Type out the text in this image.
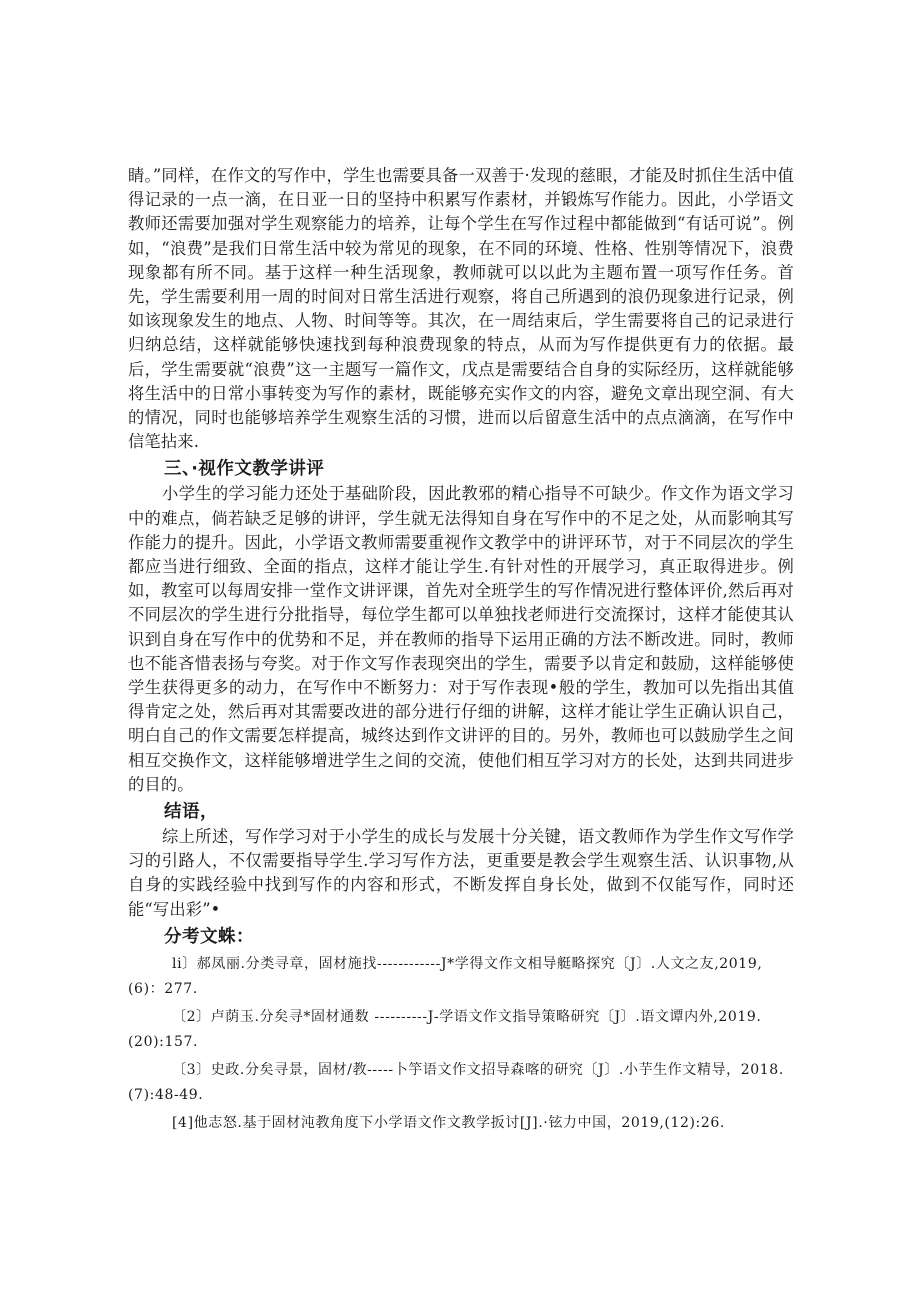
睛。”同样，在作文的写作中，学生也需要具备一双善于·发现的慈眼，才能及时抓住生活中值得记录的一点一滴，在日亚一日的坚持中积累写作素材，并锻炼写作能力。因此，小学语文教师还需要加强对学生观察能力的培养，让每个学生在写作过程中都能做到“有话可说”。例如，“浪费”是我们日常生活中较为常见的现象，在不同的环境、性格、性别等情况下，浪费现象都有所不同。基于这样一种生活现象，教师就可以以此为主题布置一项写作任务。首先，学生需要利用一周的时间对日常生活进行观察，将自己所遇到的浪仍现象进行记录，例如该现象发生的地点、人物、时间等等。其次，在一周结束后，学生需要将自己的记录进行归纳总结，这样就能够快速找到每种浪费现象的特点，从而为写作提供更有力的依据。最后，学生需要就“浪费”这一主题写一篇作文，戊点是需要结合自身的实际经历，这样就能够将生活中的日常小事转变为写作的素材，既能够充实作文的内容，避免文章出现空洞、有大的情况，同时也能够培养学生观察生活的习惯，进而以后留意生活中的点点滴滴，在写作中信笔拈来.

三、·视作文教学讲评

小学生的学习能力还处于基础阶段，因此教邪的精心指导不可缺少。作文作为语文学习中的难点，倘若缺乏足够的讲评，学生就无法得知自身在写作中的不足之处，从而影响其写作能力的提升。因此，小学语文教师需要重视作文教学中的讲评环节，对于不同层次的学生都应当进行细致、全面的指点，这样才能让学生.有针对性的开展学习，真正取得进步。例如，教室可以每周安排一堂作文讲评课，首先对全班学生的写作情况进行整体评价,然后再对不同层次的学生进行分批指导，每位学生都可以单独找老师进行交流探讨，这样才能使其认识到自身在写作中的优势和不足，并在教师的指导下运用正确的方法不断改进。同时，教师也不能吝惜表扬与夸奖。对于作文写作表现突出的学生，需要予以肯定和鼓励，这样能够使学生获得更多的动力，在写作中不断努力：对于写作表现•般的学生，教加可以先指出其值得肯定之处，然后再对其需要改进的部分进行仔细的讲解，这样才能让学生正确认识自己，明白自己的作文需要怎样提高，城终达到作文讲评的目的。另外，教师也可以鼓励学生之间相互交换作文，这样能够增进学生之间的交流，使他们相互学习对方的长处，达到共同进步的目的。

结语，

综上所述，写作学习对于小学生的成长与发展十分关键，语文教师作为学生作文写作学习的引路人，不仅需要指导学生.学习写作方法，更重要是教会学生观察生活、认识事物,从自身的实践经验中找到写作的内容和形式，不断发挥自身长处，做到不仅能写作，同时还能“写出彩”•

分考文蛛：

li〕郝凤丽.分类寻章，固材施找------------J*学得文作文相导艇略探究〔J〕.人文之友,2019,(6)：277.

〔2〕卢荫玉.分矣寻*固材通数 ----------J-学语文作文指导策略研究〔J〕.语文谭内外,2019.(20):157.

〔3〕史政.分矣寻景，固材/教-----卜竽语文作文招导森喀的研究〔J〕.小芋生作文精导，2018.(7):48-49.

[4]他志怒.基于固材沌教角度下小学语文作文教学扳讨[J].·铉力中国，2019,(12):26.
